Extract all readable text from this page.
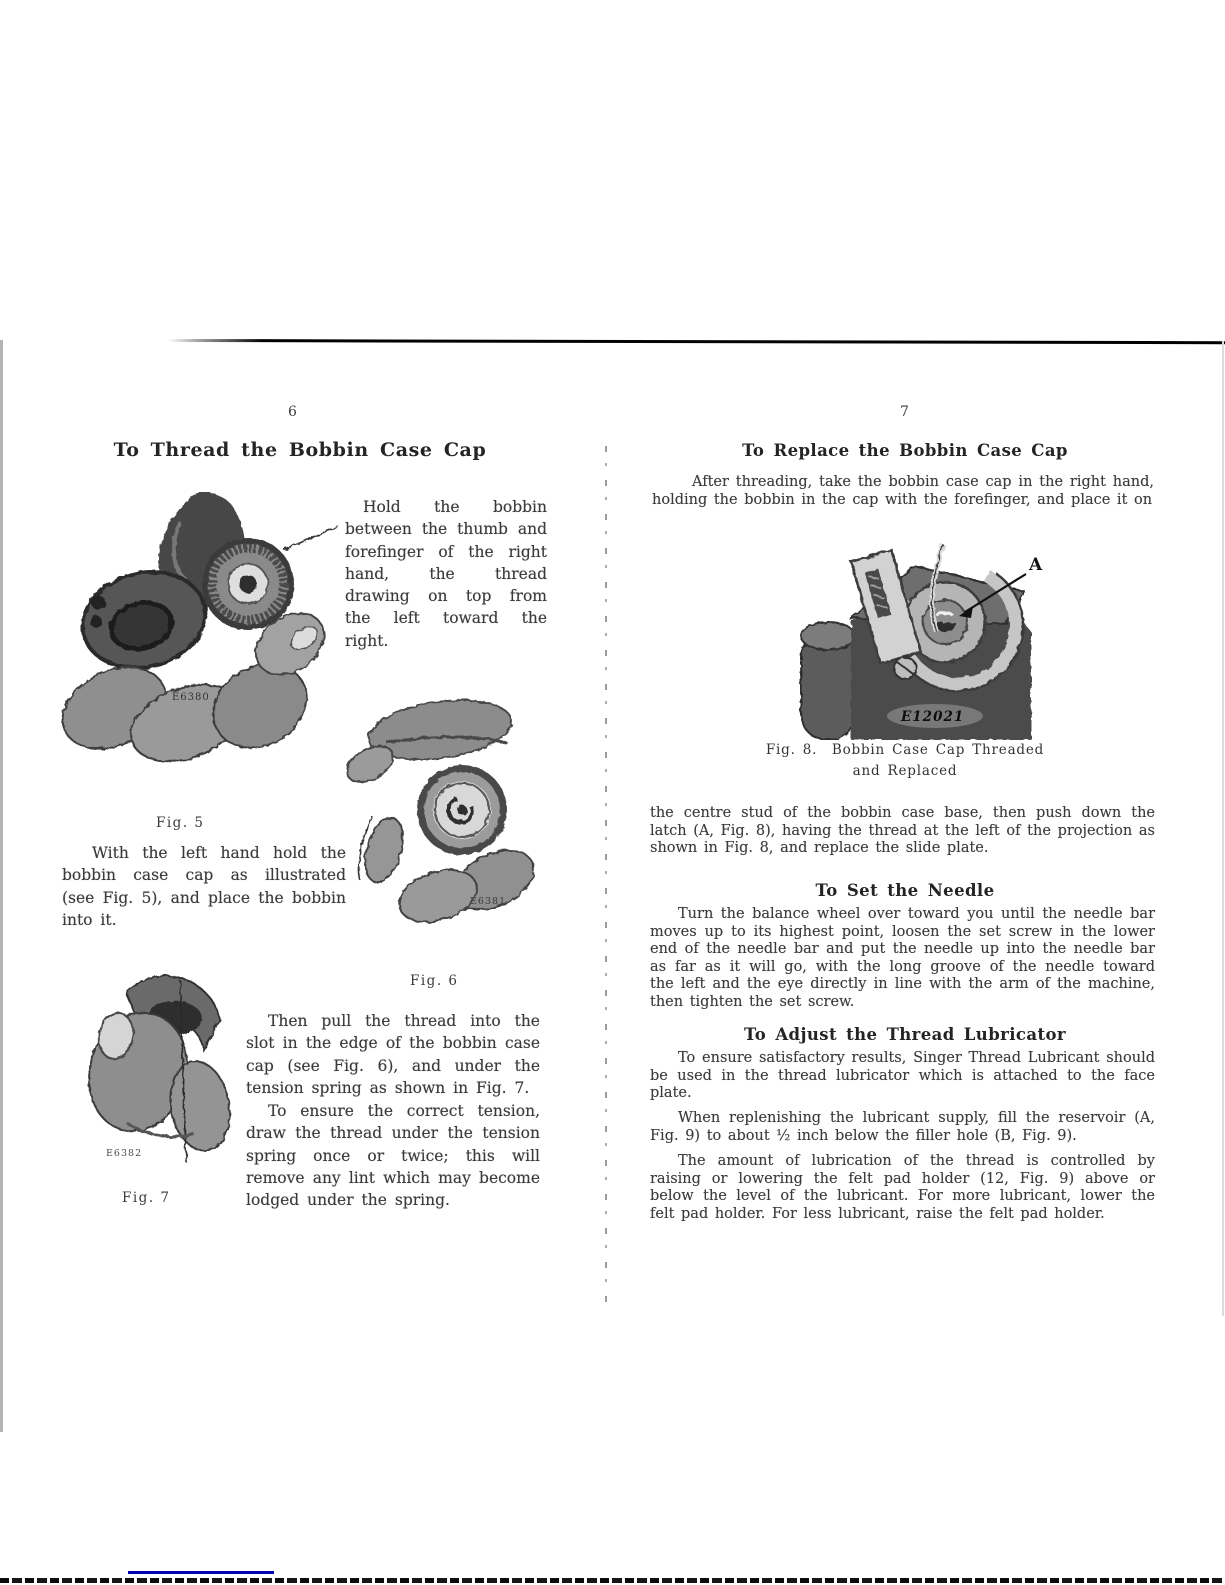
6
To Thread the Bobbin Case Cap
E6380
Hold the bobbin between the thumb and forefinger of the right hand, the thread drawing on top from the left toward the right.
E6381
Fig. 5
With the left hand hold the bobbin case cap as illustrated (see Fig. 5), and place the bobbin into it.
Fig. 6
E6382
Then pull the thread into the slot in the edge of the bobbin case cap (see Fig. 6), and under the tension spring as shown in Fig. 7.
To ensure the correct tension, draw the thread under the tension spring once or twice; this will remove any lint which may become lodged under the spring.
Fig. 7
7
To Replace the Bobbin Case Cap
After threading, take the bobbin case cap in the right hand, holding the bobbin in the cap with the forefinger, and place it on
A
E12021
Fig. 8.  Bobbin Case Cap Threaded
and Replaced
the centre stud of the bobbin case base, then push down the latch (A, Fig. 8), having the thread at the left of the projection as shown in Fig. 8, and replace the slide plate.
To Set the Needle
Turn the balance wheel over toward you until the needle bar moves up to its highest point, loosen the set screw in the lower end of the needle bar and put the needle up into the needle bar as far as it will go, with the long groove of the needle toward the left and the eye directly in line with the arm of the machine, then tighten the set screw.
To Adjust the Thread Lubricator
To ensure satisfactory results, Singer Thread Lubricant should be used in the thread lubricator which is attached to the face plate.
When replenishing the lubricant supply, fill the reservoir (A, Fig. 9) to about ½ inch below the filler hole (B, Fig. 9).
The amount of lubrication of the thread is controlled by raising or lowering the felt pad holder (12, Fig. 9) above or below the level of the lubricant. For more lubricant, lower the felt pad holder. For less lubricant, raise the felt pad holder.
